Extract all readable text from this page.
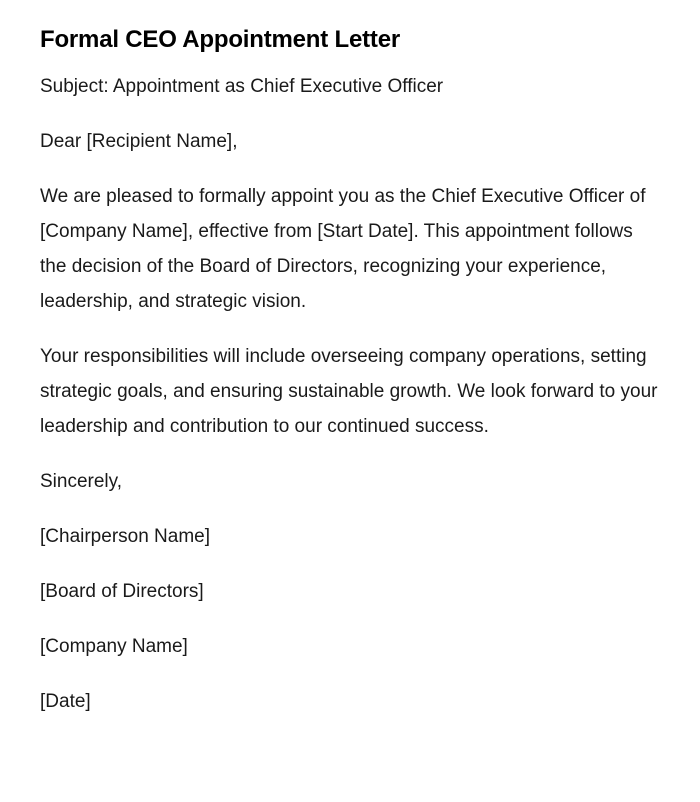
Formal CEO Appointment Letter

Subject: Appointment as Chief Executive Officer

Dear [Recipient Name],

We are pleased to formally appoint you as the Chief Executive Officer of [Company Name], effective from [Start Date]. This appointment follows the decision of the Board of Directors, recognizing your experience, leadership, and strategic vision.

Your responsibilities will include overseeing company operations, setting strategic goals, and ensuring sustainable growth. We look forward to your leadership and contribution to our continued success.

Sincerely,

[Chairperson Name]

[Board of Directors]

[Company Name]

[Date]
